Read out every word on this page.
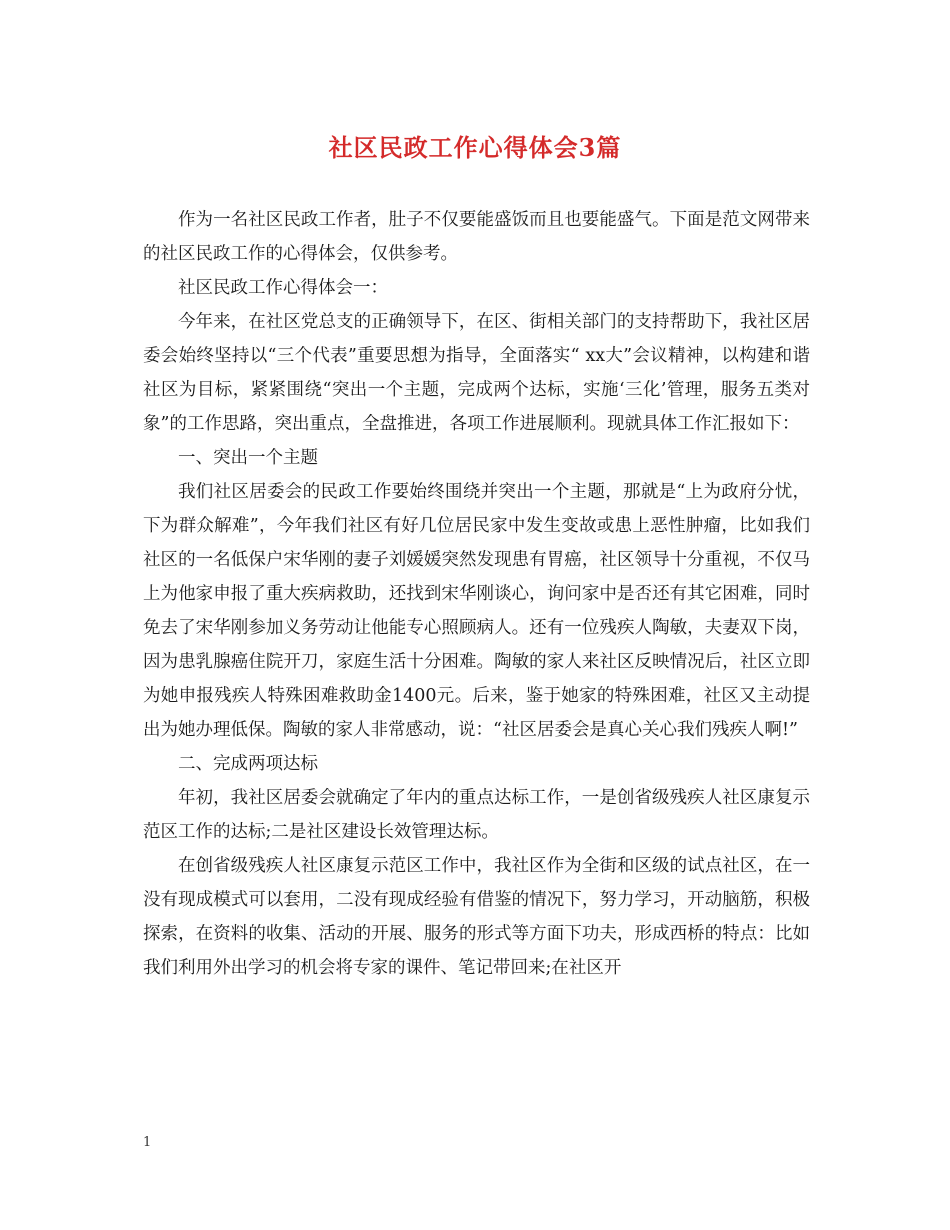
社区民政工作心得体会3篇

作为一名社区民政工作者，肚子不仅要能盛饭而且也要能盛气。下面是范文网带来的社区民政工作的心得体会，仅供参考。

社区民政工作心得体会一：

今年来，在社区党总支的正确领导下，在区、街相关部门的支持帮助下，我社区居委会始终坚持以“三个代表”重要思想为指导，全面落实“ xx大”会议精神，以构建和谐社区为目标，紧紧围绕“突出一个主题，完成两个达标，实施‘三化’管理，服务五类对象”的工作思路，突出重点，全盘推进，各项工作进展顺利。现就具体工作汇报如下：

一、突出一个主题

我们社区居委会的民政工作要始终围绕并突出一个主题，那就是“上为政府分忧，下为群众解难”，今年我们社区有好几位居民家中发生变故或患上恶性肿瘤，比如我们社区的一名低保户宋华刚的妻子刘媛媛突然发现患有胃癌，社区领导十分重视，不仅马上为他家申报了重大疾病救助，还找到宋华刚谈心，询问家中是否还有其它困难，同时免去了宋华刚参加义务劳动让他能专心照顾病人。还有一位残疾人陶敏，夫妻双下岗，因为患乳腺癌住院开刀，家庭生活十分困难。陶敏的家人来社区反映情况后，社区立即为她申报残疾人特殊困难救助金1400元。后来，鉴于她家的特殊困难，社区又主动提出为她办理低保。陶敏的家人非常感动，说：“社区居委会是真心关心我们残疾人啊!”

二、完成两项达标

年初，我社区居委会就确定了年内的重点达标工作，一是创省级残疾人社区康复示范区工作的达标;二是社区建设长效管理达标。

在创省级残疾人社区康复示范区工作中，我社区作为全街和区级的试点社区，在一没有现成模式可以套用，二没有现成经验有借鉴的情况下，努力学习，开动脑筋，积极探索，在资料的收集、活动的开展、服务的形式等方面下功夫，形成西桥的特点：比如我们利用外出学习的机会将专家的课件、笔记带回来;在社区开

1
